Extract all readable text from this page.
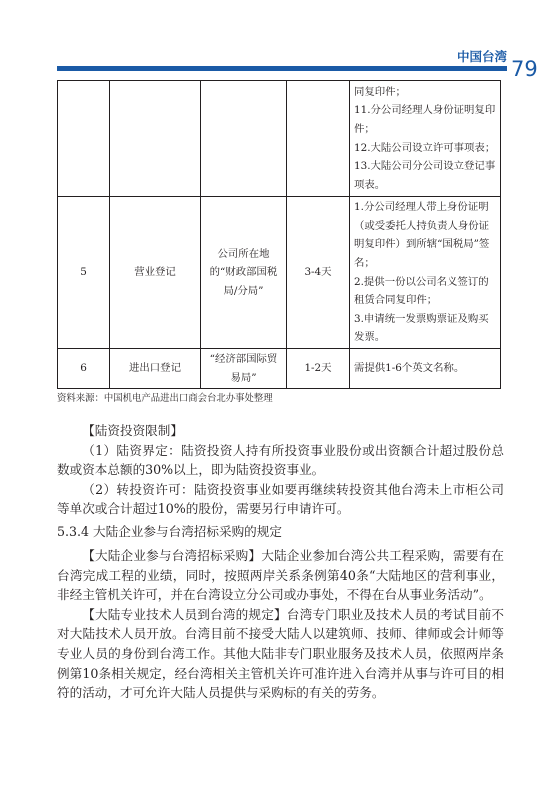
中国台湾
79

				同复印件；
11.分公司经理人身份证明复印件；
12.大陆公司设立许可事项表；
13.大陆公司分公司设立登记事项表。

5	营业登记	公司所在地的“财政部国税局/分局”	3-4天	1.分公司经理人带上身份证明（或受委托人持负责人身份证明复印件）到所辖“国税局”签名；
2.提供一份以公司名义签订的租赁合同复印件；
3.申请统一发票购票证及购买发票。

6	进出口登记	“经济部国际贸易局”	1-2天	需提供1-6个英文名称。
资料来源：中国机电产品进出口商会台北办事处整理

【陆资投资限制】

（1）陆资界定：陆资投资人持有所投资事业股份或出资额合计超过股份总数或资本总额的30%以上，即为陆资投资事业。

（2）转投资许可：陆资投资事业如要再继续转投资其他台湾未上市柜公司等单次或合计超过10%的股份，需要另行申请许可。

5.3.4 大陆企业参与台湾招标采购的规定

【大陆企业参与台湾招标采购】大陆企业参加台湾公共工程采购，需要有在台湾完成工程的业绩，同时，按照两岸关系条例第40条“大陆地区的营利事业，非经主管机关许可，并在台湾设立分公司或办事处，不得在台从事业务活动”。

【大陆专业技术人员到台湾的规定】台湾专门职业及技术人员的考试目前不对大陆技术人员开放。台湾目前不接受大陆人以建筑师、技师、律师或会计师等专业人员的身份到台湾工作。其他大陆非专门职业服务及技术人员，依照两岸条例第10条相关规定，经台湾相关主管机关许可准许进入台湾并从事与许可目的相符的活动，才可允许大陆人员提供与采购标的有关的劳务。
